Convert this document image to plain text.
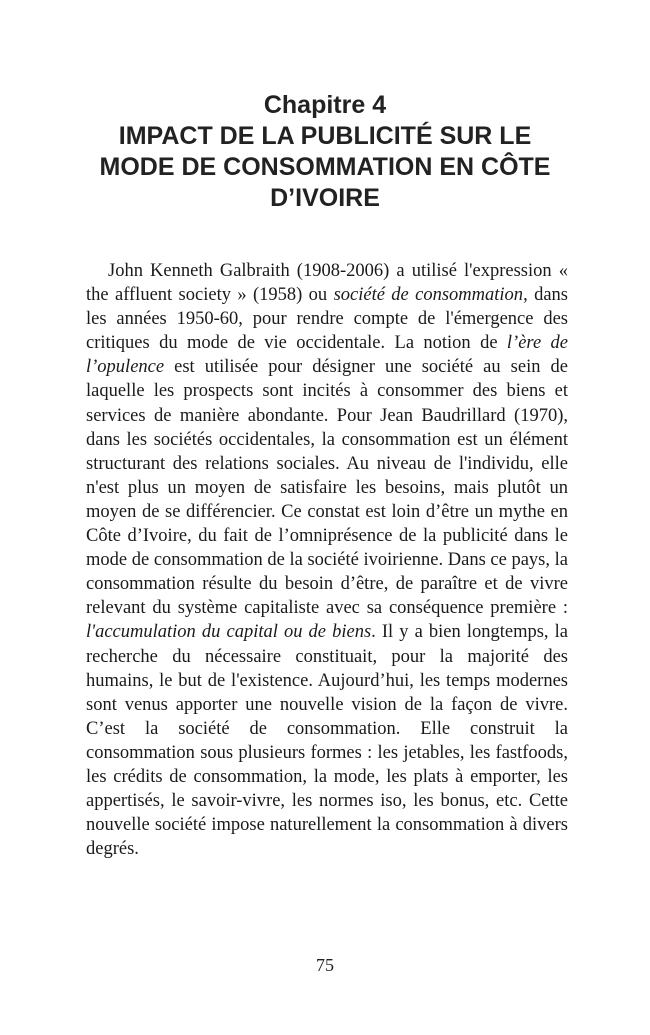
Chapitre 4
IMPACT DE LA PUBLICITÉ SUR LE
MODE DE CONSOMMATION EN CÔTE
D’IVOIRE

John Kenneth Galbraith (1908-2006) a utilisé l'expression « the affluent society » (1958) ou société de consommation, dans les années 1950-60, pour rendre compte de l'émergence des critiques du mode de vie occidentale. La notion de l’ère de l’opulence est utilisée pour désigner une société au sein de laquelle les prospects sont incités à consommer des biens et services de manière abondante. Pour Jean Baudrillard (1970), dans les sociétés occidentales, la consommation est un élément structurant des relations sociales. Au niveau de l'individu, elle n'est plus un moyen de satisfaire les besoins, mais plutôt un moyen de se différencier. Ce constat est loin d’être un mythe en Côte d’Ivoire, du fait de l’omniprésence de la publicité dans le mode de consommation de la société ivoirienne. Dans ce pays, la consommation résulte du besoin d’être, de paraître et de vivre relevant du système capitaliste avec sa conséquence première : l'accumulation du capital ou de biens. Il y a bien longtemps, la recherche du nécessaire constituait, pour la majorité des humains, le but de l'existence. Aujourd’hui, les temps modernes sont venus apporter une nouvelle vision de la façon de vivre. C’est la société de consommation. Elle construit la consommation sous plusieurs formes : les jetables, les fastfoods, les crédits de consommation, la mode, les plats à emporter, les appertisés, le savoir-vivre, les normes iso, les bonus, etc. Cette nouvelle société impose naturellement la consommation à divers degrés.

75
